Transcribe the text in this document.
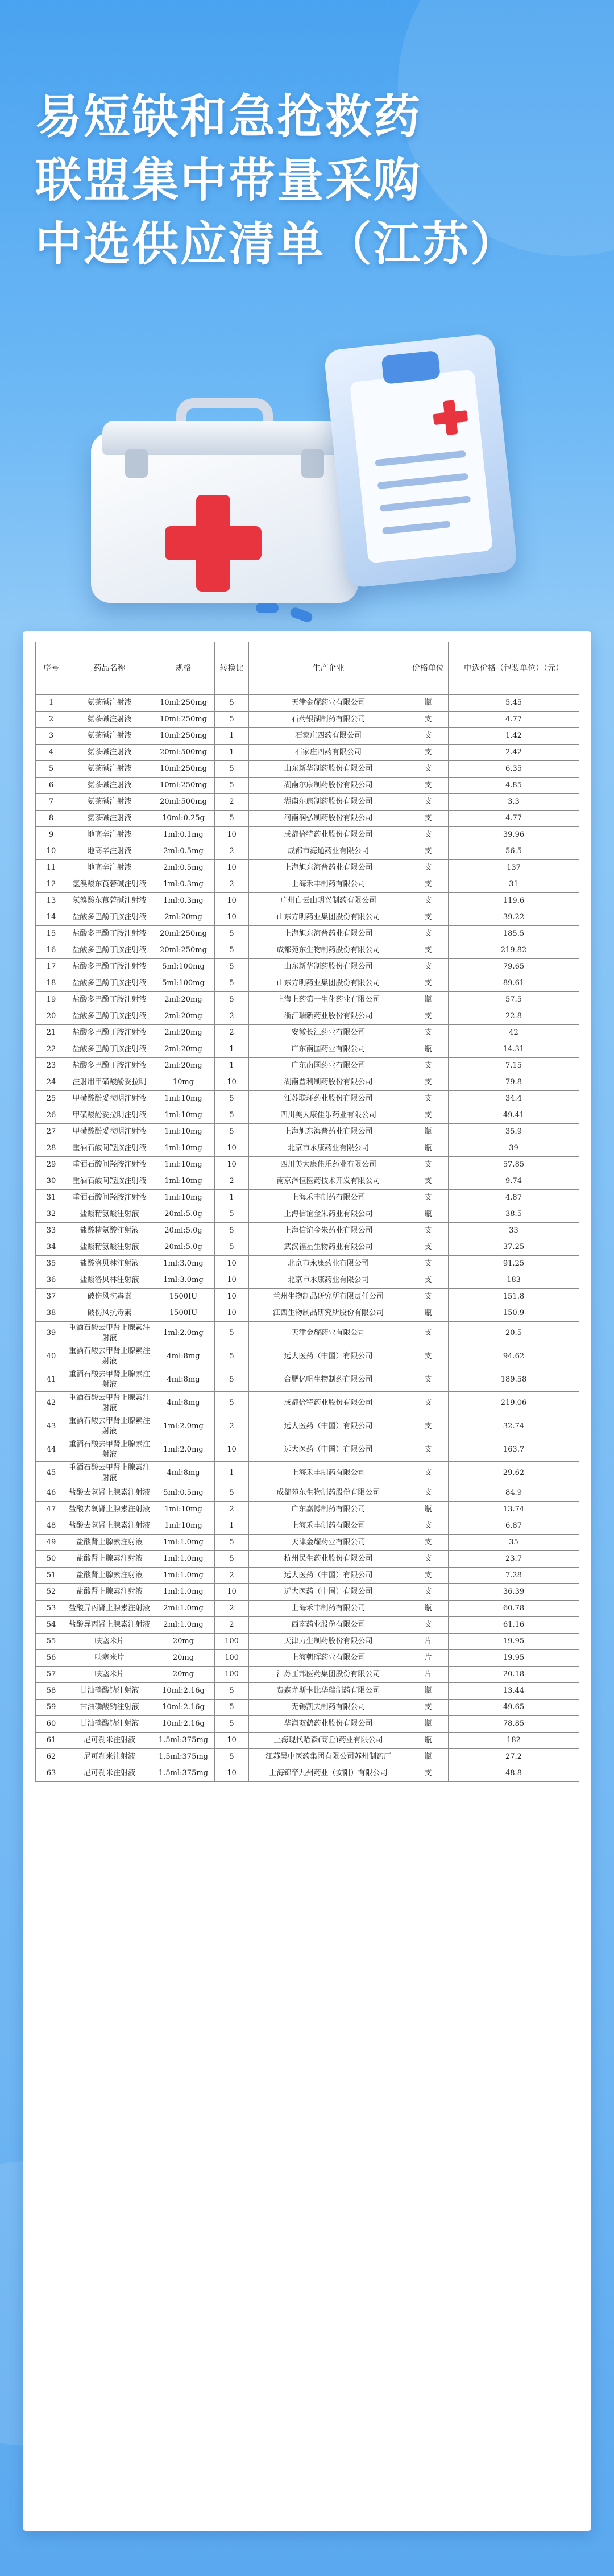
易短缺和急抢救药
联盟集中带量采购
中选供应清单（江苏）
序号	药品名称	规格	转换比	生产企业	价格单位	中选价格（包装单位）（元）
1	氨茶碱注射液	10ml:250mg	5	天津金耀药业有限公司	瓶	5.45
2	氨茶碱注射液	10ml:250mg	5	石药银湖制药有限公司	支	4.77
3	氨茶碱注射液	10ml:250mg	1	石家庄四药有限公司	支	1.42
4	氨茶碱注射液	20ml:500mg	1	石家庄四药有限公司	支	2.42
5	氨茶碱注射液	10ml:250mg	5	山东新华制药股份有限公司	支	6.35
6	氨茶碱注射液	10ml:250mg	5	湖南尔康制药股份有限公司	支	4.85
7	氨茶碱注射液	20ml:500mg	2	湖南尔康制药股份有限公司	支	3.3
8	氨茶碱注射液	10ml:0.25g	5	河南润弘制药股份有限公司	支	4.77
9	地高辛注射液	1ml:0.1mg	10	成都倍特药业股份有限公司	支	39.96
10	地高辛注射液	2ml:0.5mg	2	成都市海通药业有限公司	支	56.5
11	地高辛注射液	2ml:0.5mg	10	上海旭东海普药业有限公司	支	137
12	氢溴酸东莨菪碱注射液	1ml:0.3mg	2	上海禾丰制药有限公司	支	31
13	氢溴酸东莨菪碱注射液	1ml:0.3mg	10	广州白云山明兴制药有限公司	支	119.6
14	盐酸多巴酚丁胺注射液	2ml:20mg	10	山东方明药业集团股份有限公司	支	39.22
15	盐酸多巴酚丁胺注射液	20ml:250mg	5	上海旭东海普药业有限公司	支	185.5
16	盐酸多巴酚丁胺注射液	20ml:250mg	5	成都苑东生物制药股份有限公司	支	219.82
17	盐酸多巴酚丁胺注射液	5ml:100mg	5	山东新华制药股份有限公司	支	79.65
18	盐酸多巴酚丁胺注射液	5ml:100mg	5	山东方明药业集团股份有限公司	支	89.61
19	盐酸多巴酚丁胺注射液	2ml:20mg	5	上海上药第一生化药业有限公司	瓶	57.5
20	盐酸多巴酚丁胺注射液	2ml:20mg	2	浙江瑞新药业股份有限公司	支	22.8
21	盐酸多巴酚丁胺注射液	2ml:20mg	2	安徽长江药业有限公司	支	42
22	盐酸多巴酚丁胺注射液	2ml:20mg	1	广东南国药业有限公司	瓶	14.31
23	盐酸多巴酚丁胺注射液	2ml:20mg	1	广东南国药业有限公司	支	7.15
24	注射用甲磺酸酚妥拉明	10mg	10	湖南普利制药股份有限公司	支	79.8
25	甲磺酸酚妥拉明注射液	1ml:10mg	5	江苏联环药业股份有限公司	支	34.4
26	甲磺酸酚妥拉明注射液	1ml:10mg	5	四川美大康佳乐药业有限公司	支	49.41
27	甲磺酸酚妥拉明注射液	1ml:10mg	5	上海旭东海普药业有限公司	瓶	35.9
28	重酒石酸间羟胺注射液	1ml:10mg	10	北京市永康药业有限公司	瓶	39
29	重酒石酸间羟胺注射液	1ml:10mg	10	四川美大康佳乐药业有限公司	支	57.85
30	重酒石酸间羟胺注射液	1ml:10mg	2	南京泽恒医药技术开发有限公司	支	9.74
31	重酒石酸间羟胺注射液	1ml:10mg	1	上海禾丰制药有限公司	支	4.87
32	盐酸精氨酸注射液	20ml:5.0g	5	上海信谊金朱药业有限公司	瓶	38.5
33	盐酸精氨酸注射液	20ml:5.0g	5	上海信谊金朱药业有限公司	支	33
34	盐酸精氨酸注射液	20ml:5.0g	5	武汉福星生物药业有限公司	支	37.25
35	盐酸洛贝林注射液	1ml:3.0mg	10	北京市永康药业有限公司	支	91.25
36	盐酸洛贝林注射液	1ml:3.0mg	10	北京市永康药业有限公司	支	183
37	破伤风抗毒素	1500IU	10	兰州生物制品研究所有限责任公司	支	151.8
38	破伤风抗毒素	1500IU	10	江西生物制品研究所股份有限公司	瓶	150.9
39	重酒石酸去甲肾上腺素注射液	1ml:2.0mg	5	天津金耀药业有限公司	支	20.5
40	重酒石酸去甲肾上腺素注射液	4ml:8mg	5	远大医药（中国）有限公司	支	94.62
41	重酒石酸去甲肾上腺素注射液	4ml:8mg	5	合肥亿帆生物制药有限公司	支	189.58
42	重酒石酸去甲肾上腺素注射液	4ml:8mg	5	成都倍特药业股份有限公司	支	219.06
43	重酒石酸去甲肾上腺素注射液	1ml:2.0mg	2	远大医药（中国）有限公司	支	32.74
44	重酒石酸去甲肾上腺素注射液	1ml:2.0mg	10	远大医药（中国）有限公司	支	163.7
45	重酒石酸去甲肾上腺素注射液	4ml:8mg	1	上海禾丰制药有限公司	支	29.62
46	盐酸去氧肾上腺素注射液	5ml:0.5mg	5	成都苑东生物制药股份有限公司	支	84.9
47	盐酸去氧肾上腺素注射液	1ml:10mg	2	广东嘉博制药有限公司	瓶	13.74
48	盐酸去氧肾上腺素注射液	1ml:10mg	1	上海禾丰制药有限公司	支	6.87
49	盐酸肾上腺素注射液	1ml:1.0mg	5	天津金耀药业有限公司	支	35
50	盐酸肾上腺素注射液	1ml:1.0mg	5	杭州民生药业股份有限公司	支	23.7
51	盐酸肾上腺素注射液	1ml:1.0mg	2	远大医药（中国）有限公司	支	7.28
52	盐酸肾上腺素注射液	1ml:1.0mg	10	远大医药（中国）有限公司	支	36.39
53	盐酸异丙肾上腺素注射液	2ml:1.0mg	2	上海禾丰制药有限公司	瓶	60.78
54	盐酸异丙肾上腺素注射液	2ml:1.0mg	2	西南药业股份有限公司	支	61.16
55	呋塞米片	20mg	100	天津力生制药股份有限公司	片	19.95
56	呋塞米片	20mg	100	上海朝晖药业有限公司	片	19.95
57	呋塞米片	20mg	100	江苏正邦医药集团股份有限公司	片	20.18
58	甘油磷酸钠注射液	10ml:2.16g	5	费森尤斯卡比华瑞制药有限公司	瓶	13.44
59	甘油磷酸钠注射液	10ml:2.16g	5	无锡凯夫制药有限公司	支	49.65
60	甘油磷酸钠注射液	10ml:2.16g	5	华润双鹤药业股份有限公司	瓶	78.85
61	尼可刹米注射液	1.5ml:375mg	10	上海现代哈森(商丘)药业有限公司	瓶	182
62	尼可刹米注射液	1.5ml:375mg	5	江苏吴中医药集团有限公司苏州制药厂	瓶	27.2
63	尼可刹米注射液	1.5ml:375mg	10	上海锦帝九州药业（安阳）有限公司	支	48.8
